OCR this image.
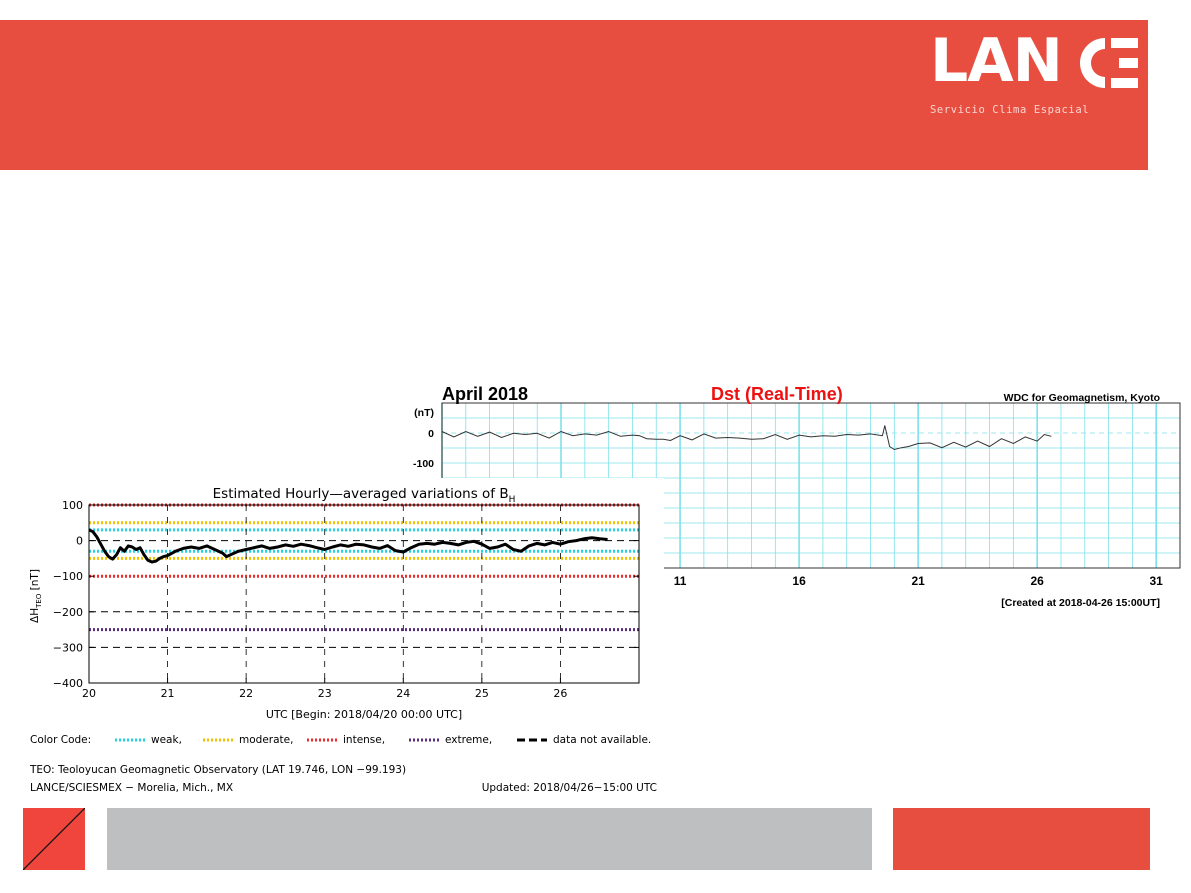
LAN
Servicio Clima Espacial
April 2018	Dst (Real-Time)	WDC for Geomagnetism, Kyoto
(nT)
0
-100
11	16	21	26	31
[Created at 2018-04-26 15:00UT]
Estimated Hourly—averaged variations of $B_H$
100
0
−100
−200
−300
−400
20	21	22	23	24	25	26
$\Delta H_{TEO}$ [nT]
UTC [Begin: 2018/04/20 00:00 UTC]
Color Code:	weak,	moderate,	intense,	extreme,	data not available.
TEO: Teoloyucan Geomagnetic Observatory (LAT 19.746, LON −99.193)
LANCE/SCIESMEX − Morelia, Mich., MX	Updated: 2018/04/26−15:00 UTC
